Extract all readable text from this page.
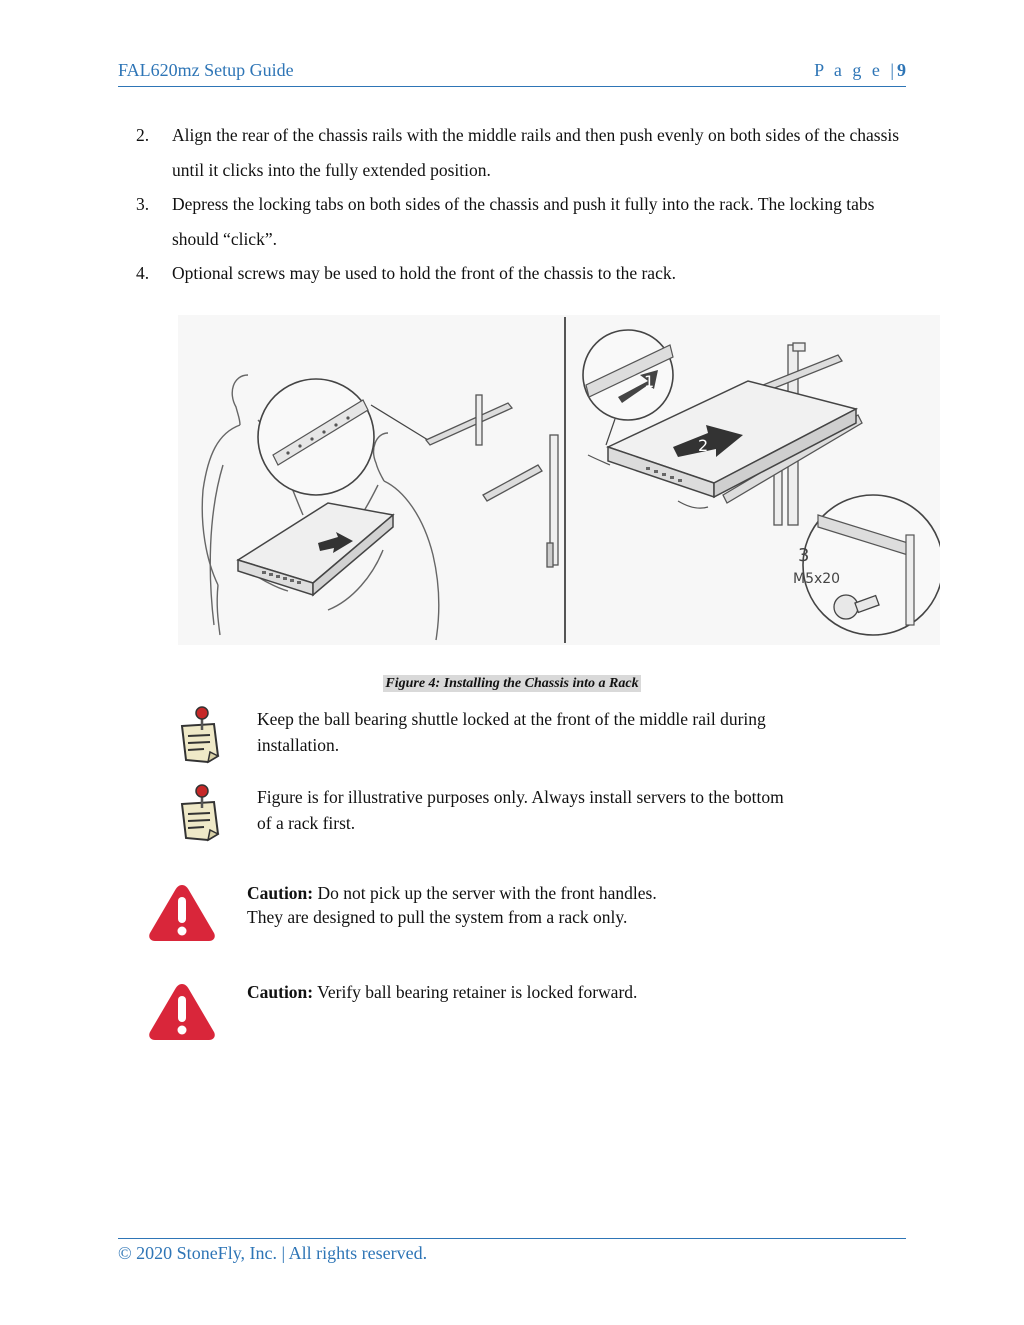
FAL620mz Setup Guide	P a g e |9
2.	Align the rear of the chassis rails with the middle rails and then push evenly on both sides of the chassis until it clicks into the fully extended position.
3.	Depress the locking tabs on both sides of the chassis and push it fully into the rack. The locking tabs should “click”.
4.	Optional screws may be used to hold the front of the chassis to the rack.
2
1
3
M5x20
Figure 4: Installing the Chassis into a Rack
Keep the ball bearing shuttle locked at the front of the middle rail during
installation.
Figure is for illustrative purposes only. Always install servers to the bottom
of a rack first.
Caution: Do not pick up the server with the front handles.
They are designed to pull the system from a rack only.
Caution: Verify ball bearing retainer is locked forward.
© 2020 StoneFly, Inc. | All rights reserved.
